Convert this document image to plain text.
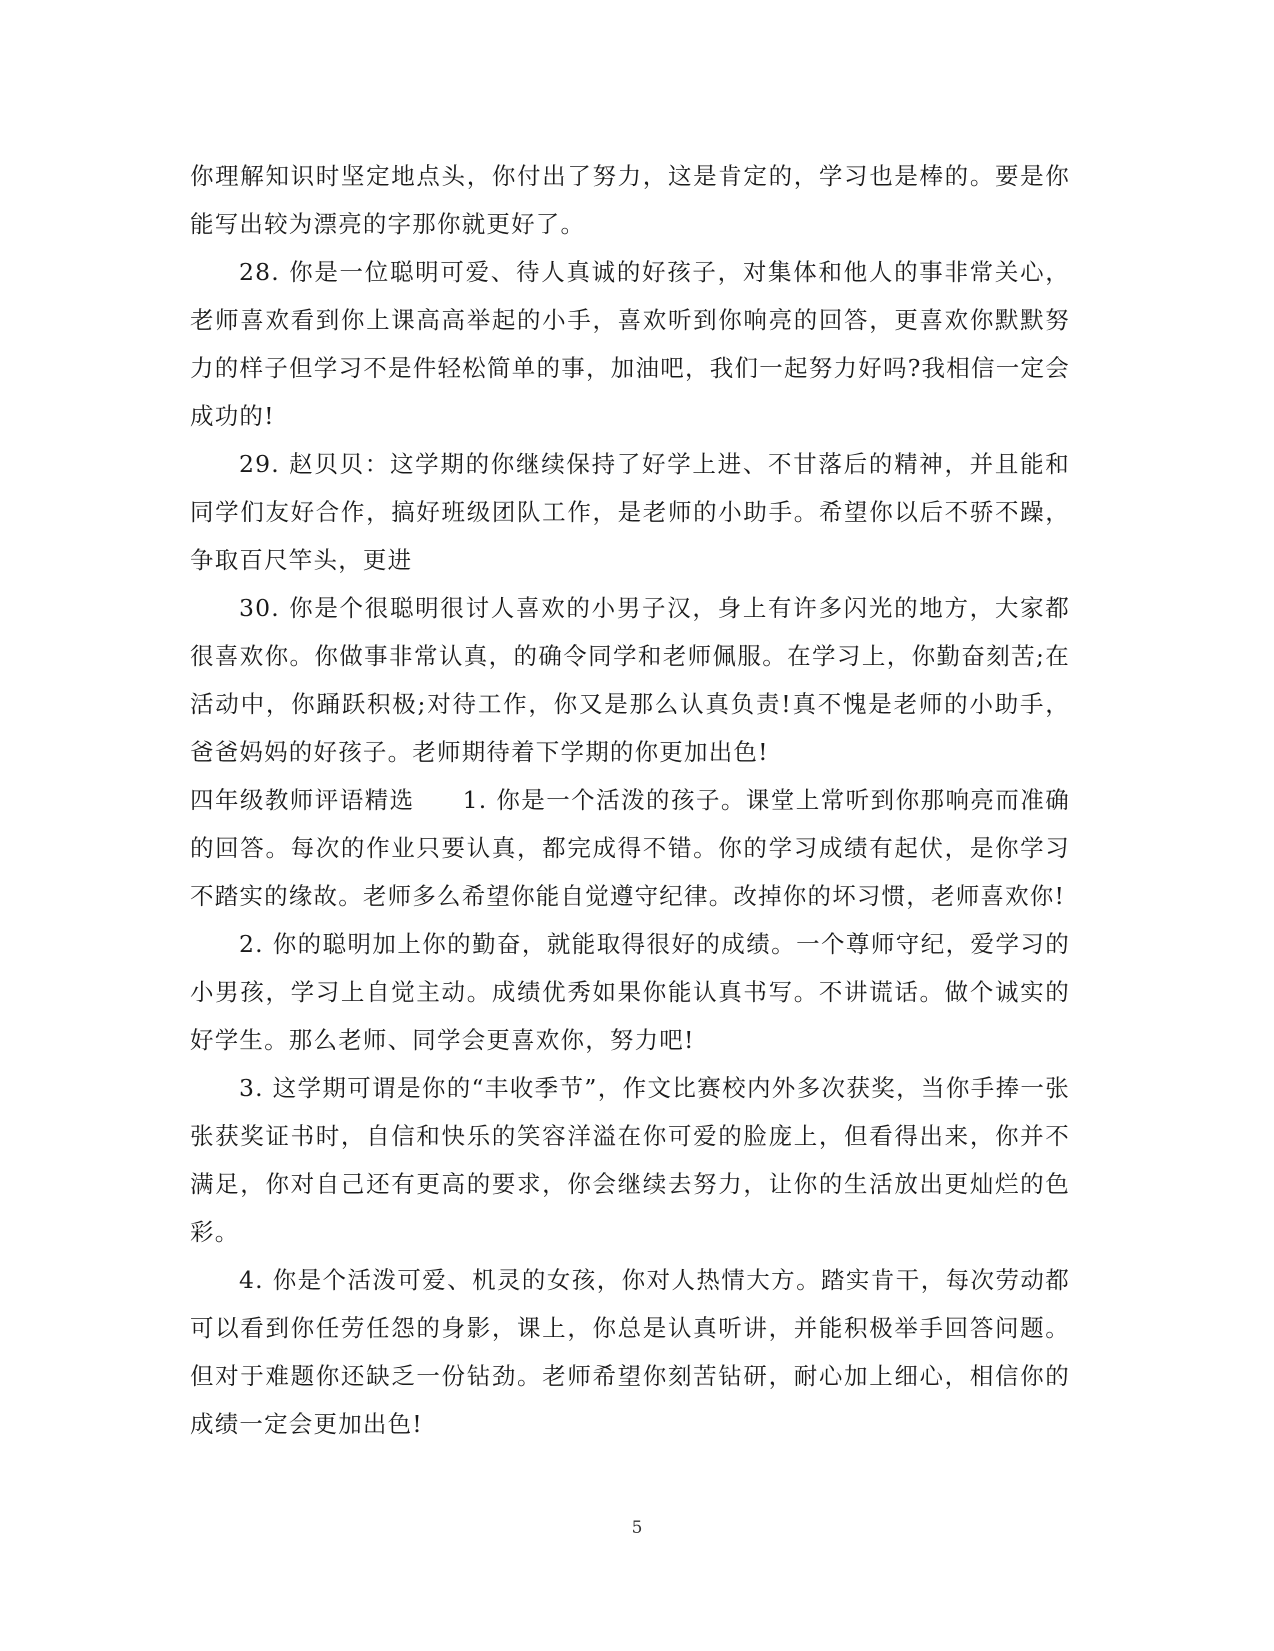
你理解知识时坚定地点头，你付出了努力，这是肯定的，学习也是棒的。要是你能写出较为漂亮的字那你就更好了。

28. 你是一位聪明可爱、待人真诚的好孩子，对集体和他人的事非常关心，老师喜欢看到你上课高高举起的小手，喜欢听到你响亮的回答，更喜欢你默默努力的样子但学习不是件轻松简单的事，加油吧，我们一起努力好吗?我相信一定会成功的!

29. 赵贝贝：这学期的你继续保持了好学上进、不甘落后的精神，并且能和同学们友好合作，搞好班级团队工作，是老师的小助手。希望你以后不骄不躁，争取百尺竿头，更进

30. 你是个很聪明很讨人喜欢的小男子汉，身上有许多闪光的地方，大家都很喜欢你。你做事非常认真，的确令同学和老师佩服。在学习上，你勤奋刻苦;在活动中，你踊跃积极;对待工作，你又是那么认真负责!真不愧是老师的小助手，爸爸妈妈的好孩子。老师期待着下学期的你更加出色!

四年级教师评语精选 1. 你是一个活泼的孩子。课堂上常听到你那响亮而准确的回答。每次的作业只要认真，都完成得不错。你的学习成绩有起伏，是你学习不踏实的缘故。老师多么希望你能自觉遵守纪律。改掉你的坏习惯，老师喜欢你!

2. 你的聪明加上你的勤奋，就能取得很好的成绩。一个尊师守纪，爱学习的小男孩，学习上自觉主动。成绩优秀如果你能认真书写。不讲谎话。做个诚实的好学生。那么老师、同学会更喜欢你，努力吧!

3. 这学期可谓是你的“丰收季节”，作文比赛校内外多次获奖，当你手捧一张张获奖证书时，自信和快乐的笑容洋溢在你可爱的脸庞上，但看得出来，你并不满足，你对自己还有更高的要求，你会继续去努力，让你的生活放出更灿烂的色彩。

4. 你是个活泼可爱、机灵的女孩，你对人热情大方。踏实肯干，每次劳动都可以看到你任劳任怨的身影，课上，你总是认真听讲，并能积极举手回答问题。但对于难题你还缺乏一份钻劲。老师希望你刻苦钻研，耐心加上细心，相信你的成绩一定会更加出色!

5
